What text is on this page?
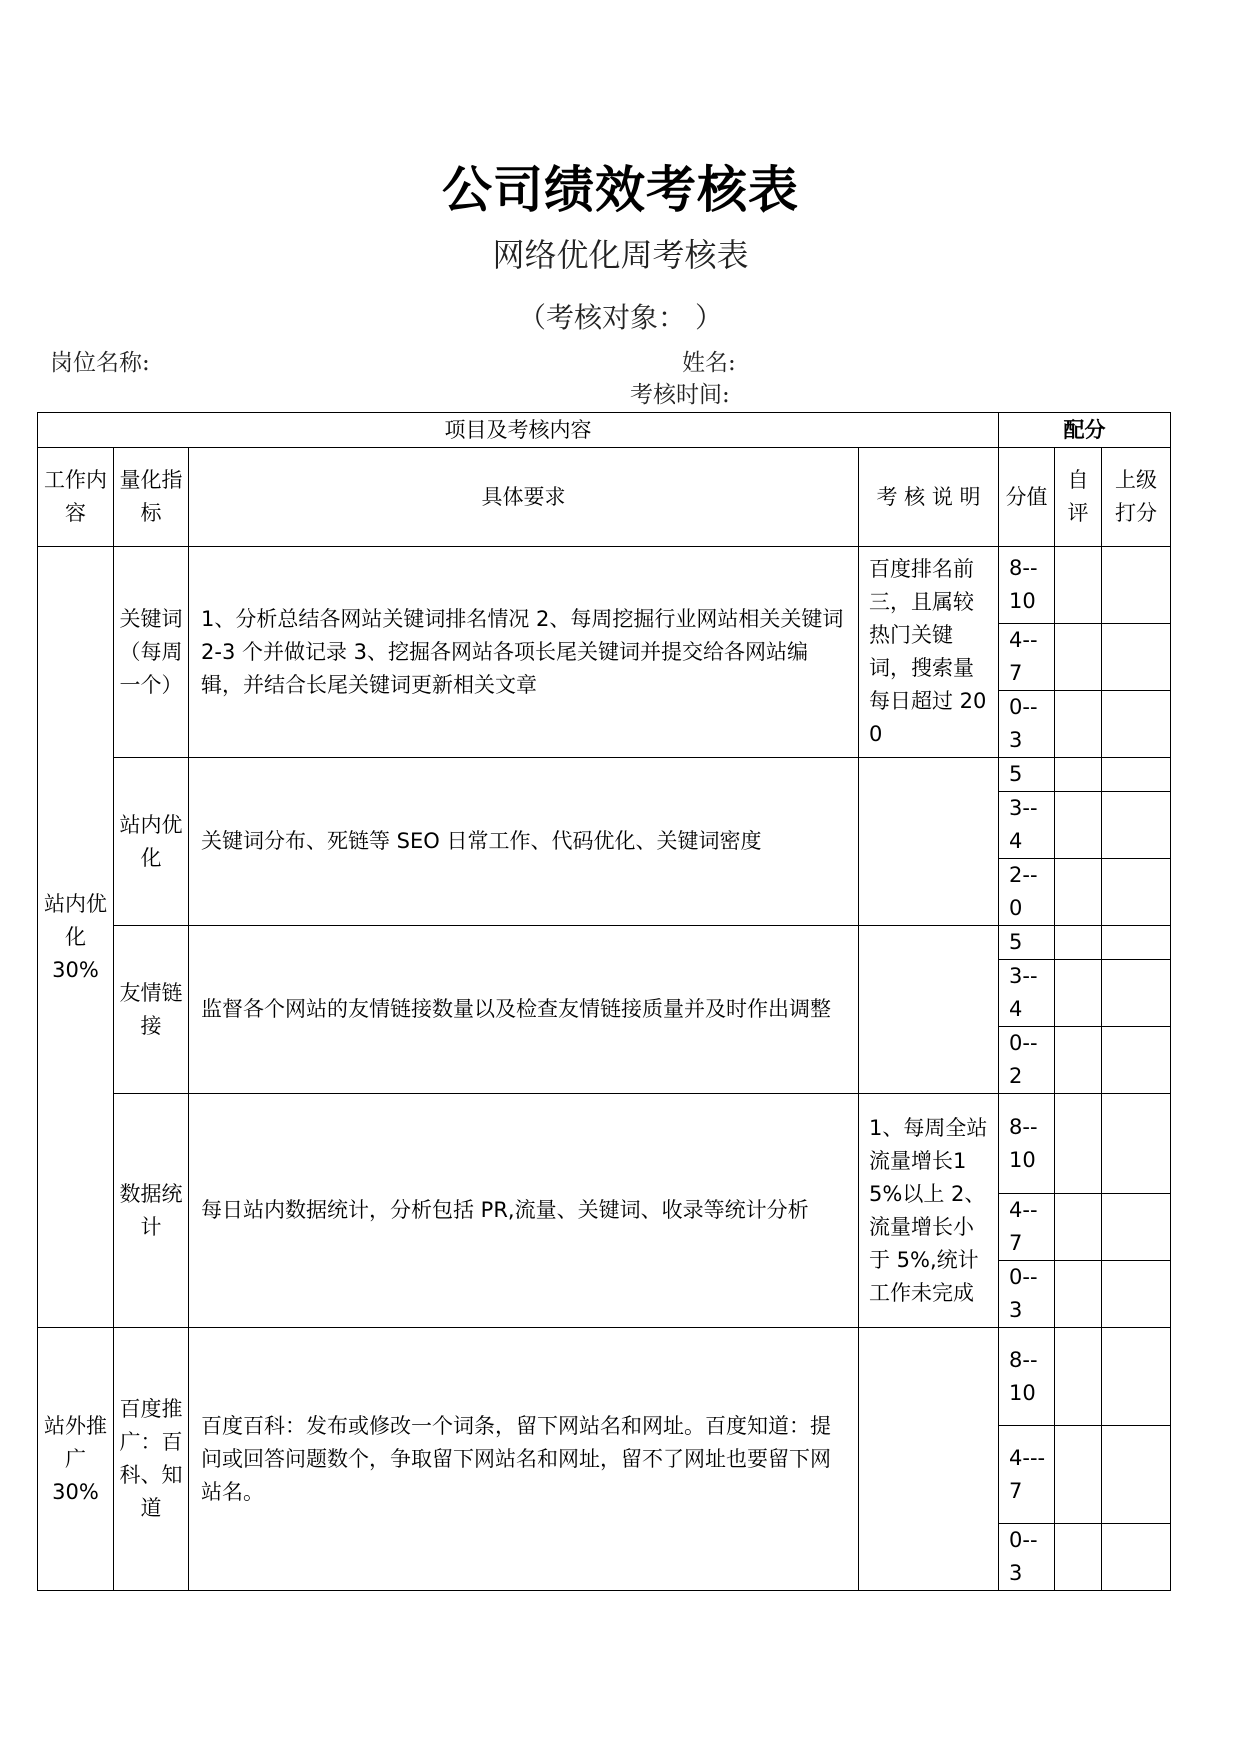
公司绩效考核表
网络优化周考核表
（考核对象： ）
岗位名称:	姓名:
考核时间:
项目及考核内容				配分		
工作内容	量化指标	具体要求	考 核 说 明	分值	自评	上级打分

站内优化
30%	关键词（每周一个）	1、分析总结各网站关键词排名情况 2、每周挖掘行业网站相关关键词 2-3 个并做记录 3、挖掘各网站各项长尾关键词并提交给各网站编辑，并结合长尾关键词更新相关文章	百度排名前三，且属较热门关键词，搜索量每日超过 200	8--10		
				4--7		
				0--3		
	站内优化	关键词分布、死链等 SEO 日常工作、代码优化、关键词密度		5		
				3--4		
				2--0		
	友情链接	监督各个网站的友情链接数量以及检查友情链接质量并及时作出调整		5		
				3--4		
				0--2		
	数据统计	每日站内数据统计，分析包括 PR,流量、关键词、收录等统计分析	1、每周全站流量增长15%以上 2、流量增长小于 5%,统计工作未完成	8--10		
				4--7		
				0--3		

站外推广
30%	百度推广：百科、知道	百度百科：发布或修改一个词条，留下网站名和网址。百度知道：提问或回答问题数个，争取留下网站名和网址，留不了网址也要留下网站名。		8--10		
				4---7		
				0--3		
